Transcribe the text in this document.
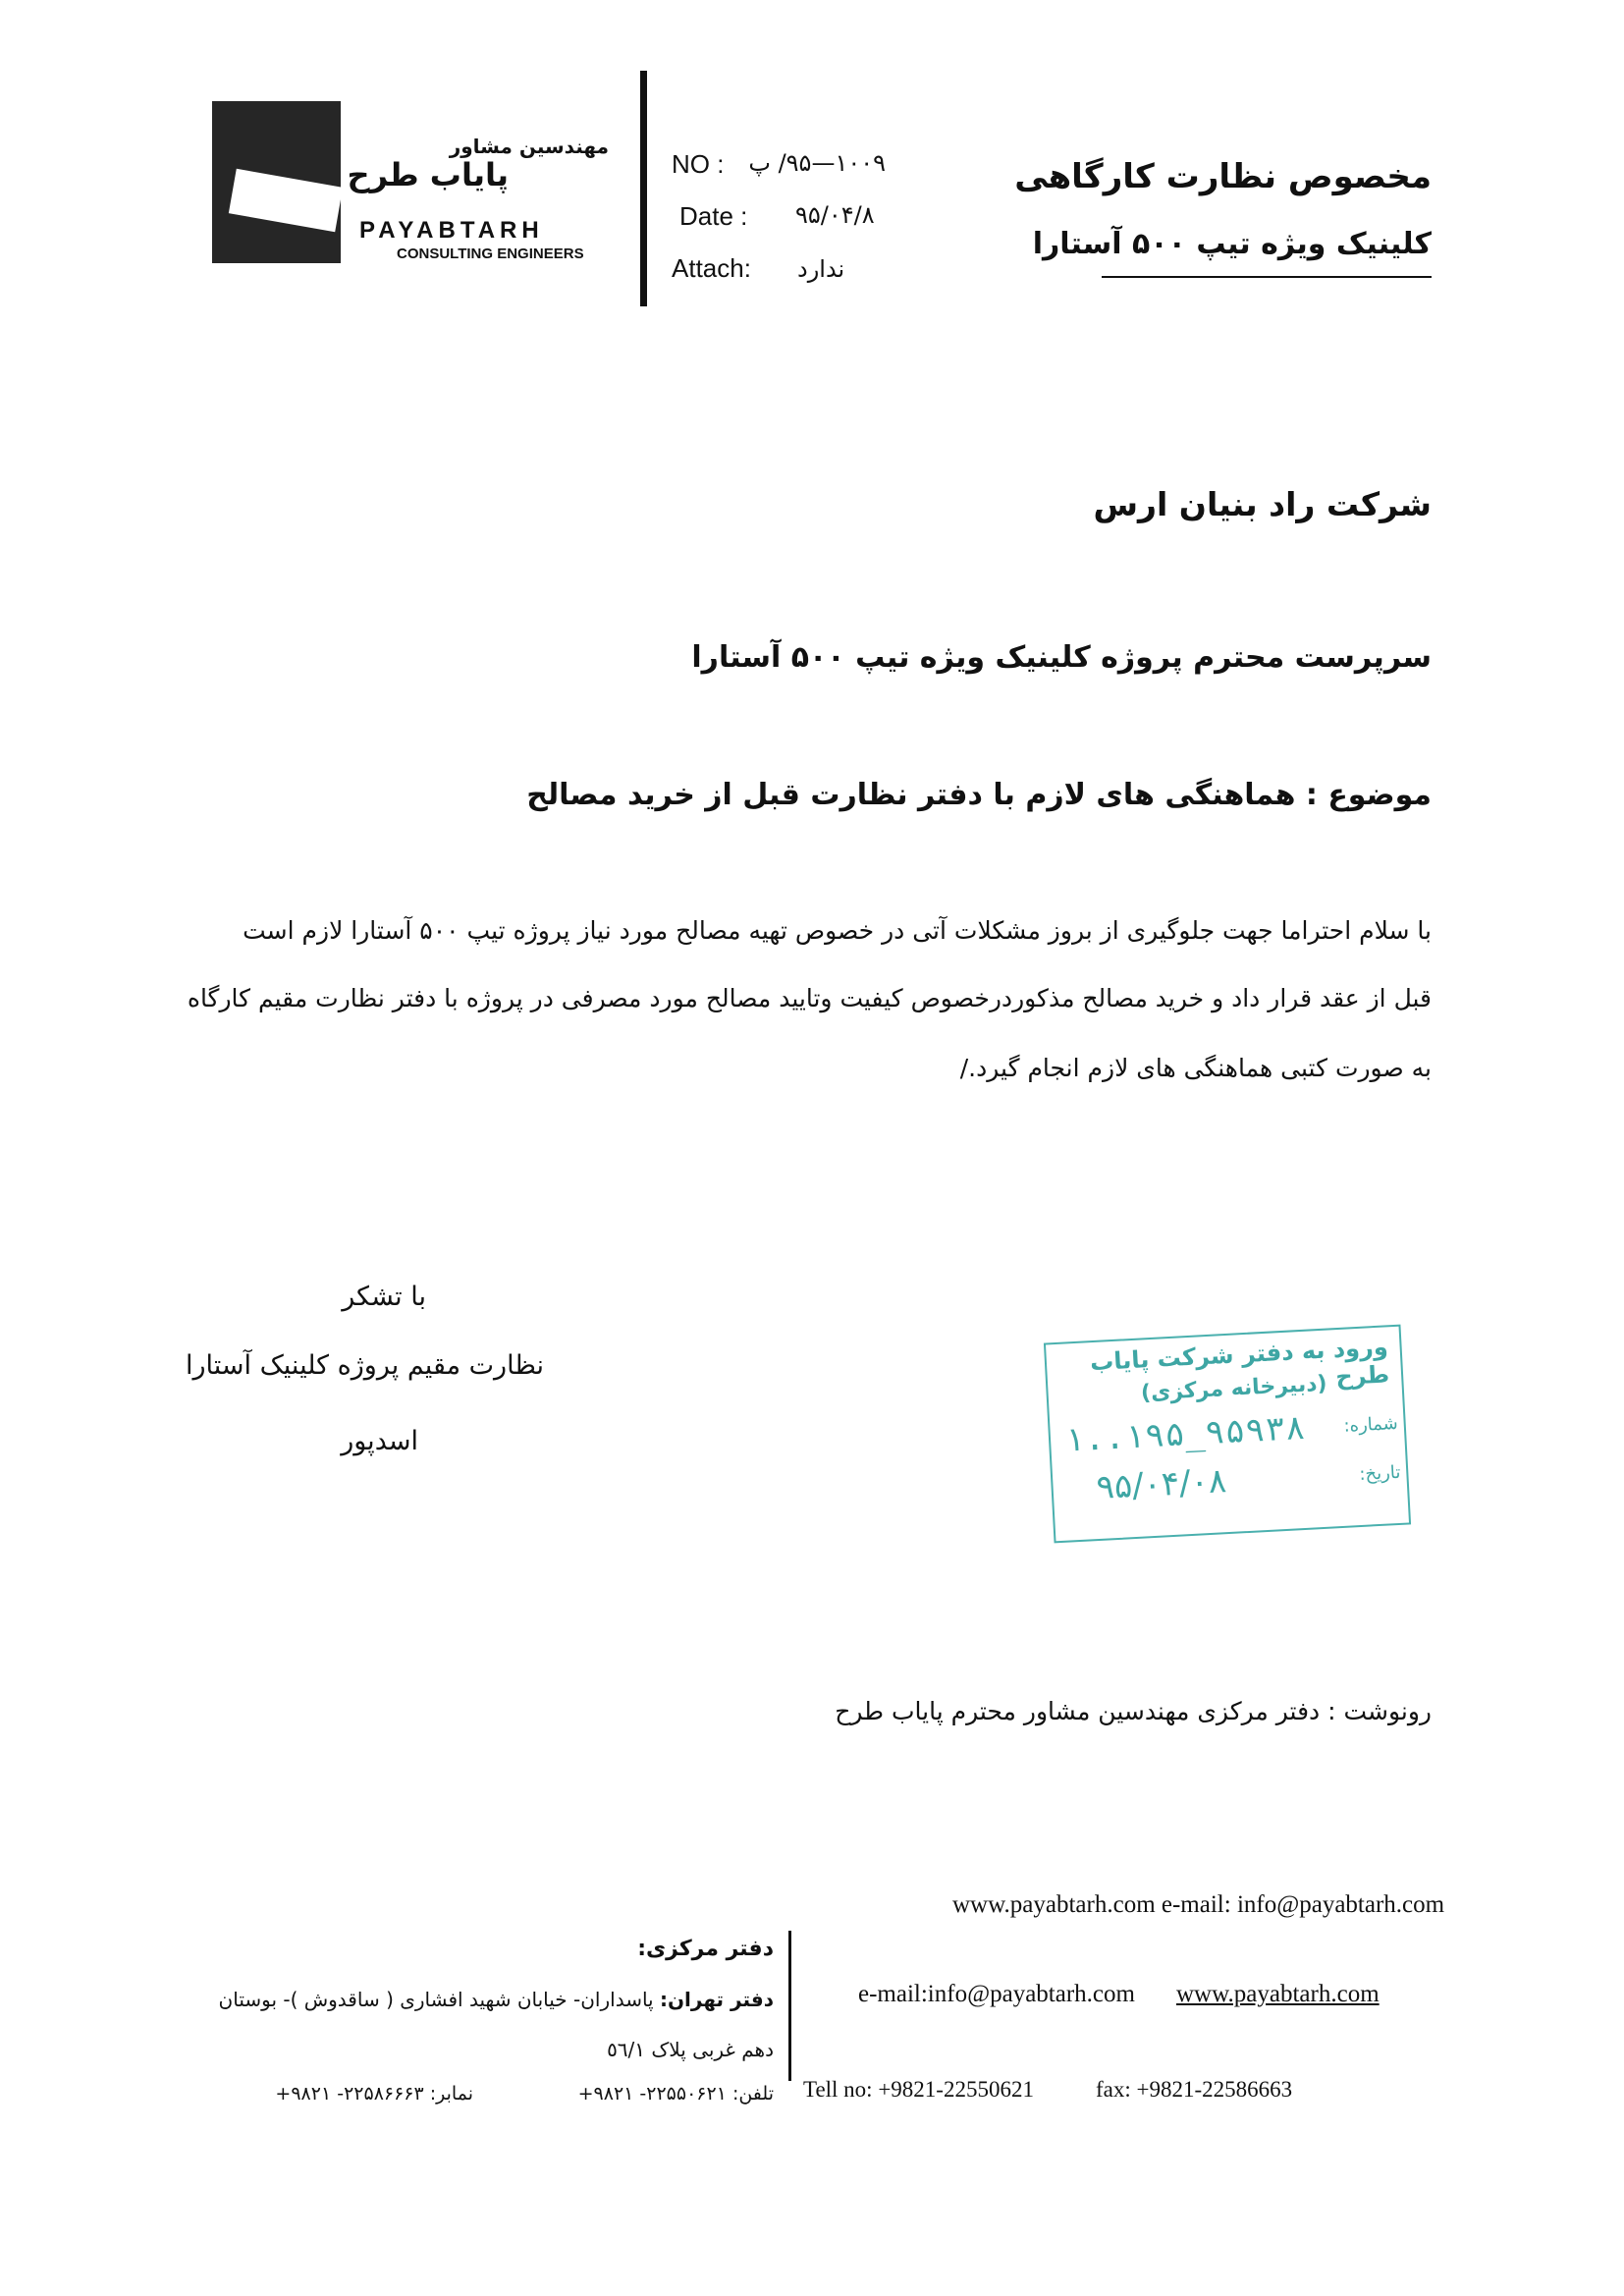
مهندسین مشاور
پایاب طرح
PAYABTARH
CONSULTING ENGINEERS
NO :	۱۰۰۹—۹۵/ پ
Date : ۹۵/۰۴/۸
Attach: ندارد
مخصوص نظارت کارگاهی
کلینیک ویژه تیپ ۵۰۰ آستارا
شرکت راد بنیان ارس
سرپرست محترم پروژه کلینیک ویژه تیپ ۵۰۰ آستارا
موضوع : هماهنگی های لازم با دفتر نظارت قبل از خرید مصالح
با سلام احتراما جهت جلوگیری از بروز مشکلات آتی در خصوص تهیه مصالح مورد نیاز پروژه تیپ ۵۰۰ آستارا لازم است
قبل از عقد قرار داد و خرید مصالح مذکوردرخصوص کیفیت وتایید مصالح مورد مصرفی در پروژه با دفتر نظارت مقیم کارگاه
به صورت کتبی هماهنگی های لازم انجام گیرد./
با تشکر
نظارت مقیم پروژه کلینیک آستارا
اسدپور
ورود به دفتر شرکت پایاب طرح
(دبیرخانه مرکزی)
شماره:
۱..۱۹۵_۹۵۹۳۸
تاریخ:
۹۵/۰۴/۰۸
رونوشت : دفتر مرکزی مهندسین مشاور محترم پایاب طرح
www.payabtarh.com e-mail: info@payabtarh.com
e-mail:info@payabtarh.com www.payabtarh.com
Tell no: +9821-22550621	fax: +9821-22586663
دفتر مرکزی:
دفتر تهران: پاسداران- خیابان شهید افشاری ( ساقدوش )- بوستان
دهم غربی پلاک ٥٦/١
تلفن: ۲۲۵۵۰۶۲۱- ۹۸۲۱+
نمابر: ۲۲۵۸۶۶۶۳- ۹۸۲۱+
